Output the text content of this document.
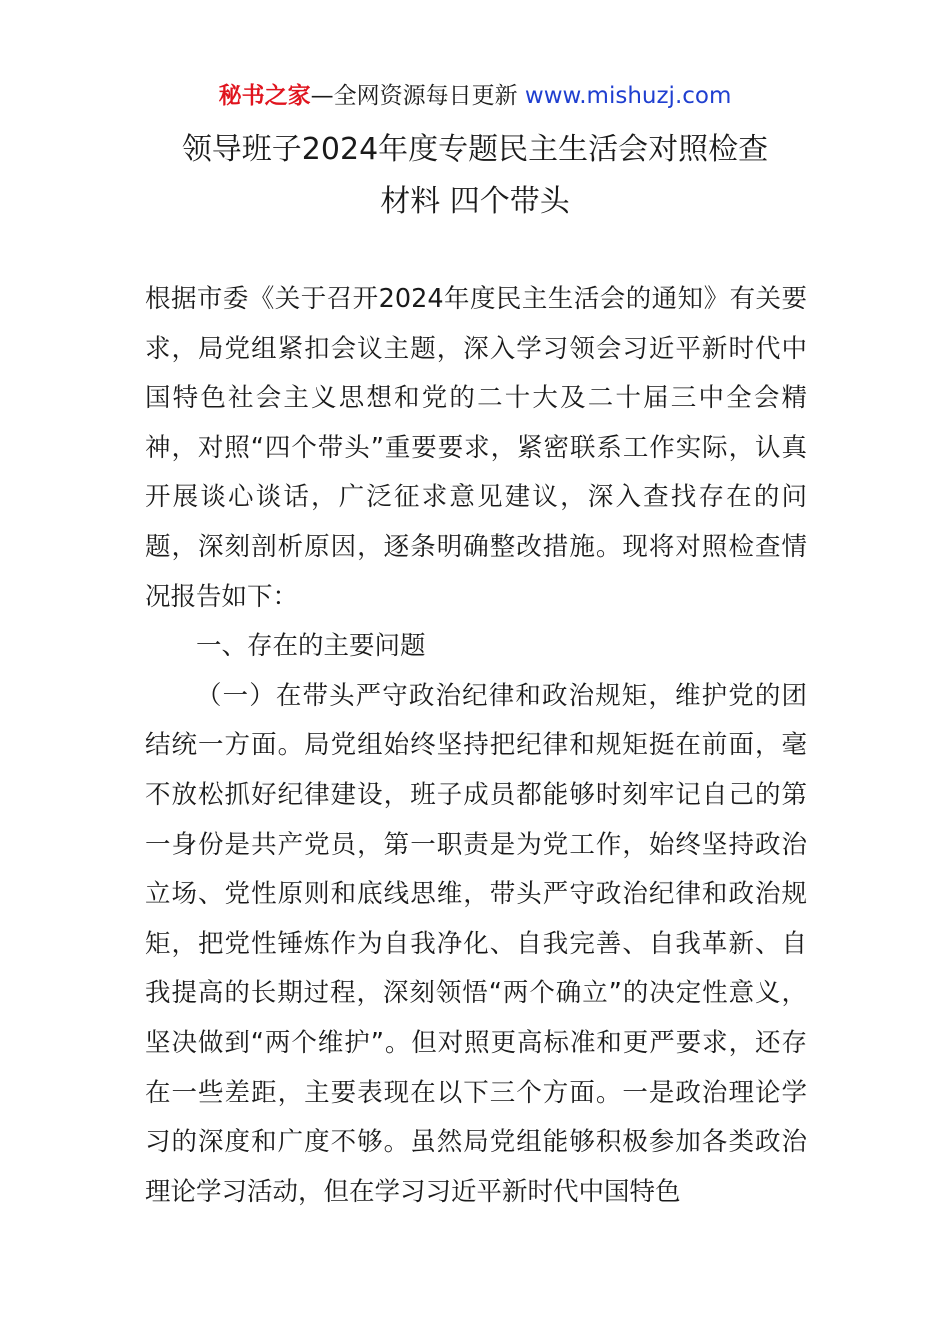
秘书之家—全网资源每日更新 www.mishuzj.com
领导班子2024年度专题民主生活会对照检查
材料 四个带头

根据市委《关于召开2024年度民主生活会的通知》有关要求，局党组紧扣会议主题，深入学习领会习近平新时代中国特色社会主义思想和党的二十大及二十届三中全会精神，对照“四个带头”重要要求，紧密联系工作实际，认真开展谈心谈话，广泛征求意见建议，深入查找存在的问题，深刻剖析原因，逐条明确整改措施。现将对照检查情况报告如下：

一、存在的主要问题

（一）在带头严守政治纪律和政治规矩，维护党的团结统一方面。局党组始终坚持把纪律和规矩挺在前面，毫不放松抓好纪律建设，班子成员都能够时刻牢记自己的第一身份是共产党员，第一职责是为党工作，始终坚持政治立场、党性原则和底线思维，带头严守政治纪律和政治规矩，把党性锤炼作为自我净化、自我完善、自我革新、自我提高的长期过程，深刻领悟“两个确立”的决定性意义，坚决做到“两个维护”。但对照更高标准和更严要求，还存在一些差距，主要表现在以下三个方面。一是政治理论学习的深度和广度不够。虽然局党组能够积极参加各类政治理论学习活动，但在学习习近平新时代中国特色
